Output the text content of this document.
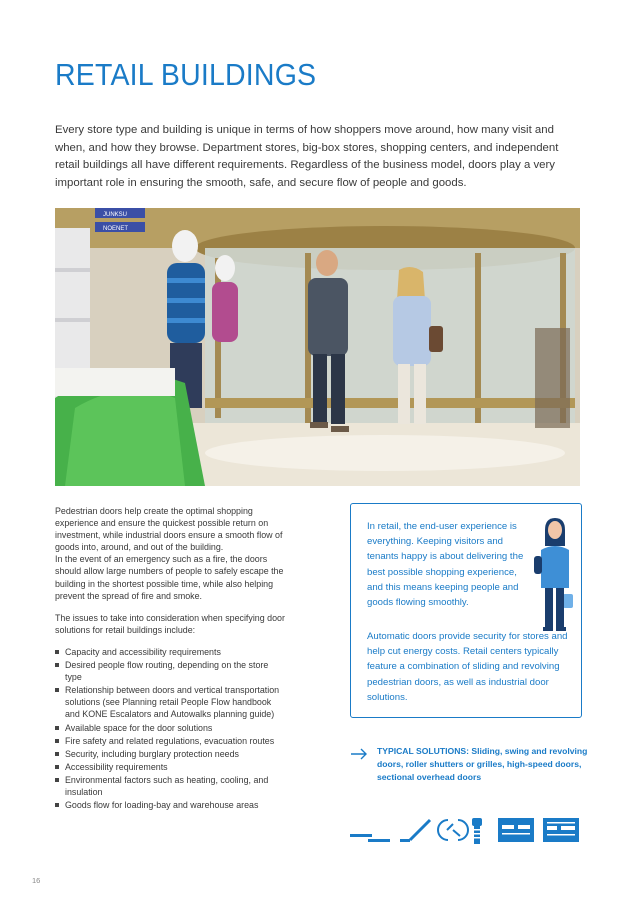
RETAIL BUILDINGS

Every store type and building is unique in terms of how shoppers move around, how many visit and when, and how they browse. Department stores, big-box stores, shopping centers, and independent retail buildings all have different requirements. Regardless of the business model, doors play a very important role in ensuring the smooth, safe, and secure flow of people and goods.

JUNKSU
NOENET

Pedestrian doors help create the optimal shopping experience and ensure the quickest possible return on investment, while industrial doors ensure a smooth flow of goods into, around, and out of the building.
In the event of an emergency such as a fire, the doors should allow large numbers of people to safely escape the building in the shortest possible time, while also helping prevent the spread of fire and smoke.

The issues to take into consideration when specifying door solutions for retail buildings include:

Capacity and accessibility requirements
Desired people flow routing, depending on the store type
Relationship between doors and vertical transportation solutions (see Planning retail People Flow handbook and KONE Escalators and Autowalks planning guide)
Available space for the door solutions
Fire safety and related regulations, evacuation routes
Security, including burglary protection needs
Accessibility requirements
Environmental factors such as heating, cooling, and insulation
Goods flow for loading-bay and warehouse areas

In retail, the end-user experience is everything. Keeping visitors and tenants happy is about delivering the best possible shopping experience, and this means keeping people and goods flowing smoothly.

Automatic doors provide security for stores and help cut energy costs. Retail centers typically feature a combination of sliding and revolving pedestrian doors, as well as industrial door solutions.

TYPICAL SOLUTIONS: Sliding, swing and revolving doors, roller shutters or grilles, high-speed doors, sectional overhead doors
16
